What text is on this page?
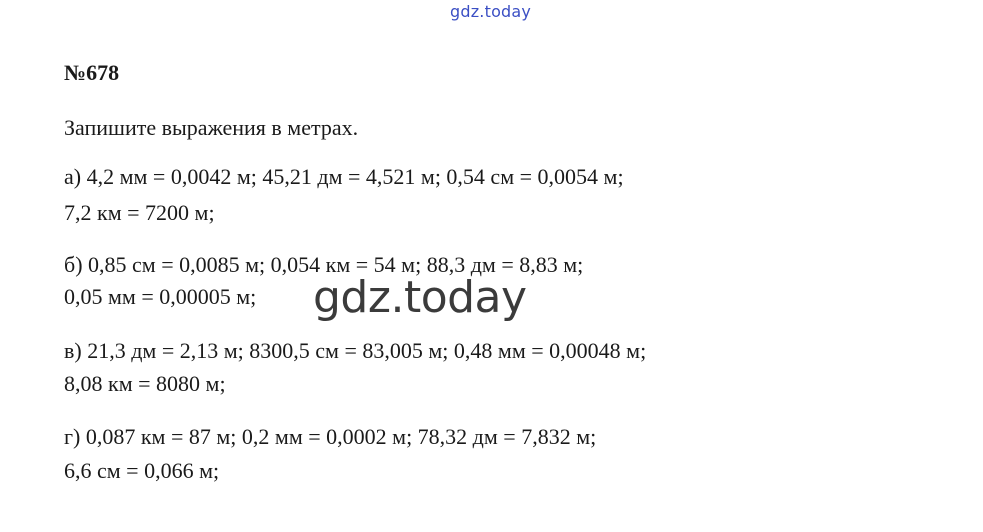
gdz.today
№678
Запишите выражения в метрах.
а) 4,2 мм = 0,0042 м; 45,21 дм = 4,521 м; 0,54 см = 0,0054 м;
7,2 км = 7200 м;
б) 0,85 см = 0,0085 м; 0,054 км = 54 м; 88,3 дм = 8,83 м;
0,05 мм = 0,00005 м;
в) 21,3 дм = 2,13 м; 8300,5 см = 83,005 м; 0,48 мм = 0,00048 м;
8,08 км = 8080 м;
г) 0,087 км = 87 м; 0,2 мм = 0,0002 м; 78,32 дм = 7,832 м;
6,6 см = 0,066 м;
gdz.today
